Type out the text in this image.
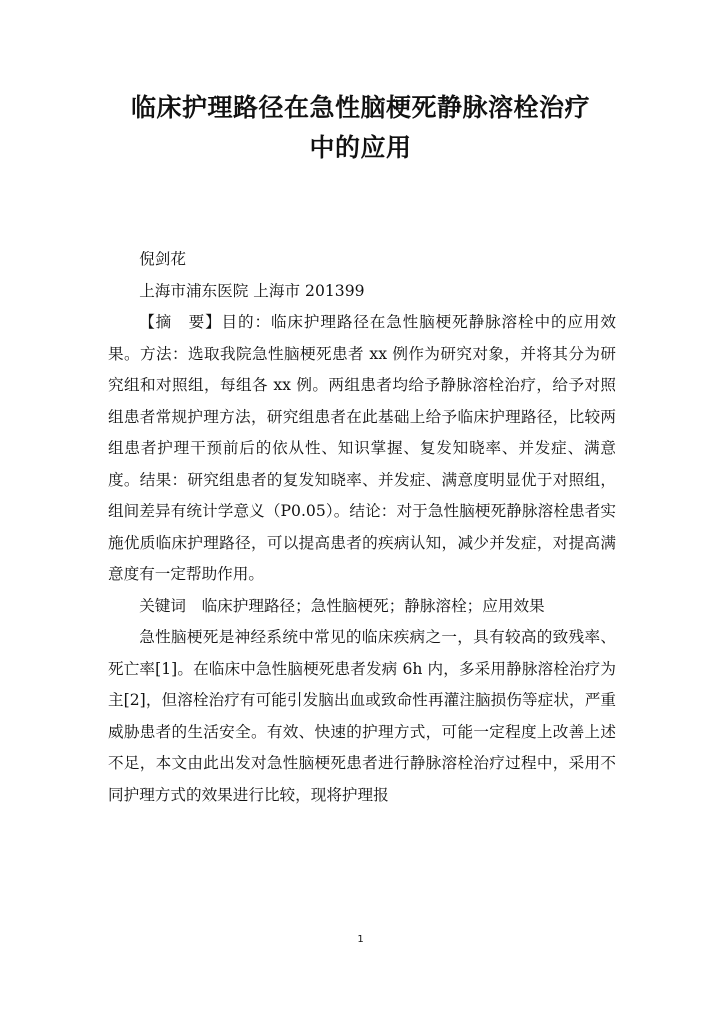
临床护理路径在急性脑梗死静脉溶栓治疗
中的应用

倪剑花

上海市浦东医院 上海市 201399

【摘　要】目的：临床护理路径在急性脑梗死静脉溶栓中的应用效果。方法：选取我院急性脑梗死患者 xx 例作为研究对象，并将其分为研究组和对照组，每组各 xx 例。两组患者均给予静脉溶栓治疗，给予对照组患者常规护理方法，研究组患者在此基础上给予临床护理路径，比较两组患者护理干预前后的依从性、知识掌握、复发知晓率、并发症、满意度。结果：研究组患者的复发知晓率、并发症、满意度明显优于对照组，组间差异有统计学意义（P0.05）。结论：对于急性脑梗死静脉溶栓患者实施优质临床护理路径，可以提高患者的疾病认知，减少并发症，对提高满意度有一定帮助作用。

关键词 临床护理路径；急性脑梗死；静脉溶栓；应用效果

急性脑梗死是神经系统中常见的临床疾病之一，具有较高的致残率、死亡率[1]。在临床中急性脑梗死患者发病 6h 内，多采用静脉溶栓治疗为主[2]，但溶栓治疗有可能引发脑出血或致命性再灌注脑损伤等症状，严重威胁患者的生活安全。有效、快速的护理方式，可能一定程度上改善上述不足，本文由此出发对急性脑梗死患者进行静脉溶栓治疗过程中，采用不同护理方式的效果进行比较，现将护理报

1
